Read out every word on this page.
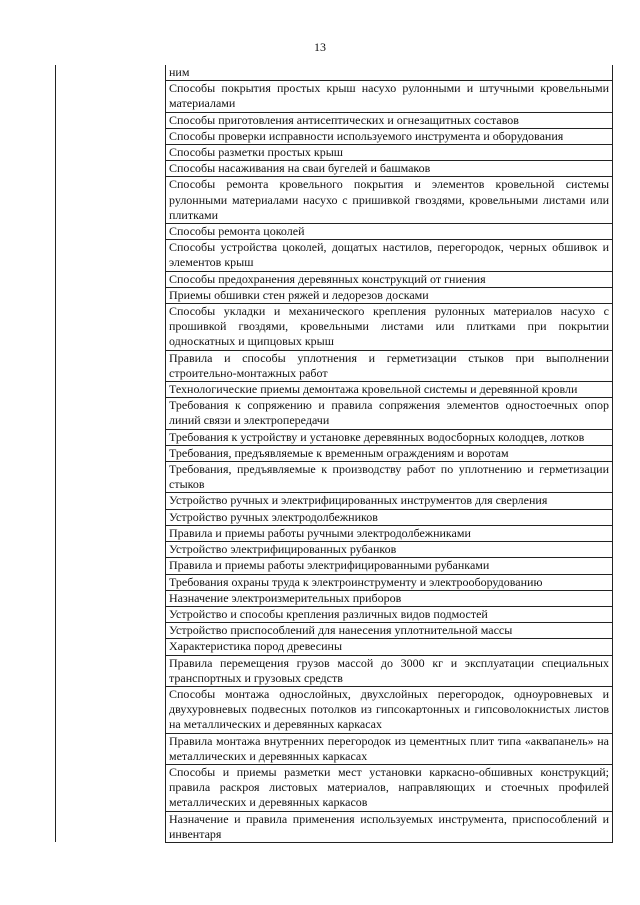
13
	ним
Способы покрытия простых крыш насухо рулонными и штучными кровельными материалами
Способы приготовления антисептических и огнезащитных составов
Способы проверки исправности используемого инструмента и оборудования
Способы разметки простых крыш
Способы насаживания на сваи бугелей и башмаков
Способы ремонта кровельного покрытия и элементов кровельной системы рулонными материалами насухо с пришивкой гвоздями, кровельными листами или плитками
Способы ремонта цоколей
Способы устройства цоколей, дощатых настилов, перегородок, черных обшивок и элементов крыш
Способы предохранения деревянных конструкций от гниения
Приемы обшивки стен ряжей и ледорезов досками
Способы укладки и механического крепления рулонных материалов насухо с прошивкой гвоздями, кровельными листами или плитками при покрытии односкатных и щипцовых крыш
Правила и способы уплотнения и герметизации стыков при выполнении строительно-монтажных работ
Технологические приемы демонтажа кровельной системы и деревянной кровли
Требования к сопряжению и правила сопряжения элементов одностоечных опор линий связи и электропередачи
Требования к устройству и установке деревянных водосборных колодцев, лотков
Требования, предъявляемые к временным ограждениям и воротам
Требования, предъявляемые к производству работ по уплотнению и герметизации стыков
Устройство ручных и электрифицированных инструментов для сверления
Устройство ручных электродолбежников
Правила и приемы работы ручными электродолбежниками
Устройство электрифицированных рубанков
Правила и приемы работы электрифицированными рубанками
Требования охраны труда к электроинструменту и электрооборудованию
Назначение электроизмерительных приборов
Устройство и способы крепления различных видов подмостей
Устройство приспособлений для нанесения уплотнительной массы
Характеристика пород древесины
Правила перемещения грузов массой до 3000 кг и эксплуатации специальных транспортных и грузовых средств
Способы монтажа однослойных, двухслойных перегородок, одноуровневых и двухуровневых подвесных потолков из гипсокартонных и гипсоволокнистых листов на металлических и деревянных каркасах
Правила монтажа внутренних перегородок из цементных плит типа «аквапанель» на металлических и деревянных каркасах
Способы и приемы разметки мест установки каркасно-обшивных конструкций; правила раскроя листовых материалов, направляющих и стоечных профилей металлических и деревянных каркасов
Назначение и правила применения используемых инструмента, приспособлений и инвентаря
